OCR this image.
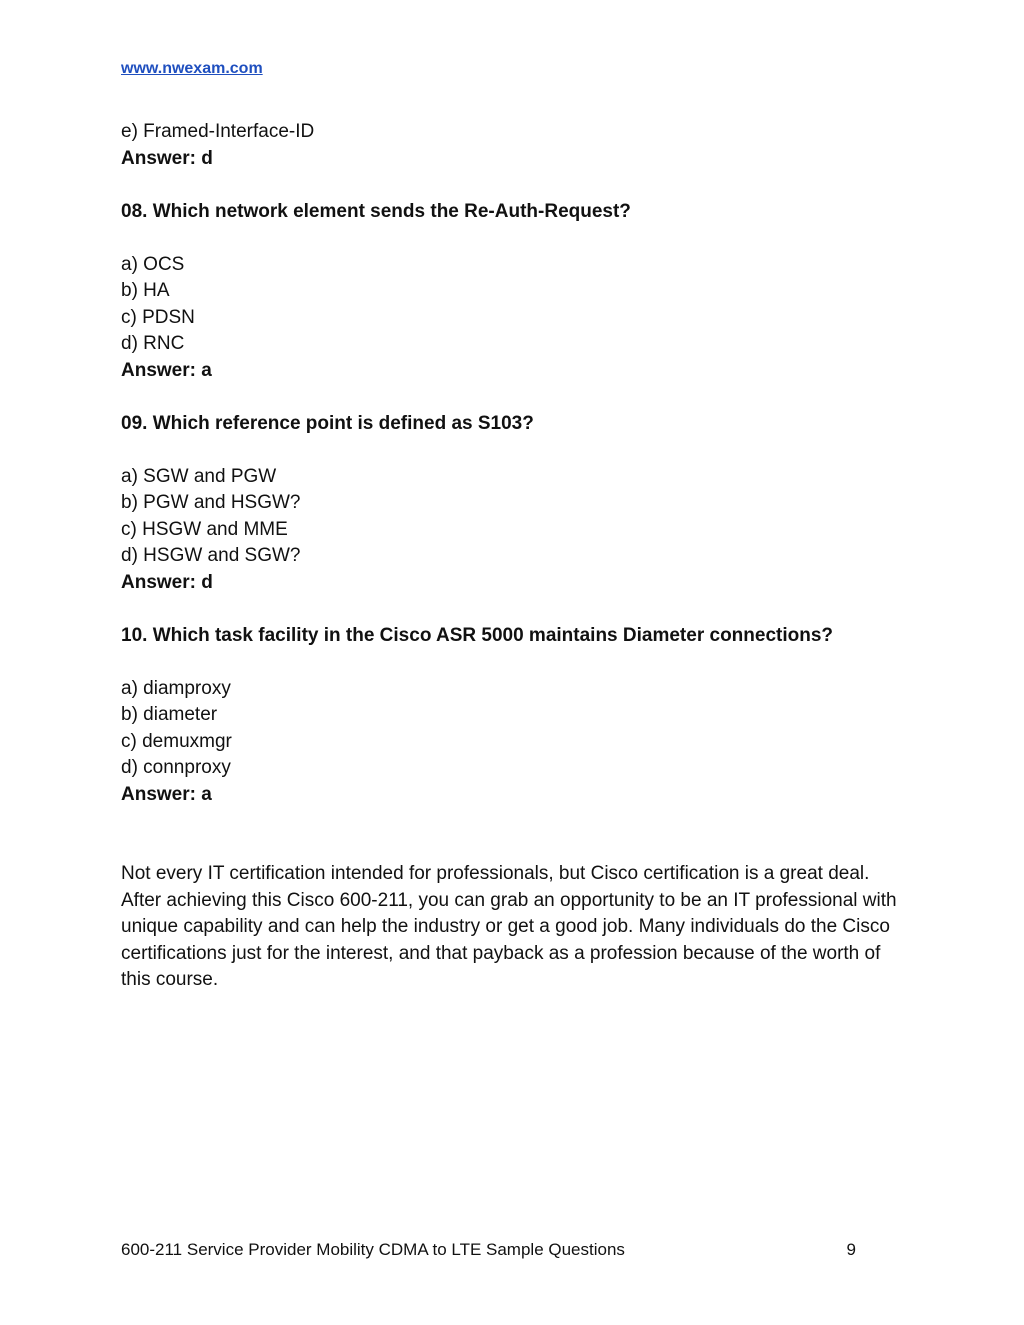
www.nwexam.com

e) Framed-Interface-ID

Answer: d

08. Which network element sends the Re-Auth-Request?

a) OCS

b) HA

c) PDSN

d) RNC

Answer: a

09. Which reference point is defined as S103?

a) SGW and PGW

b) PGW and HSGW?

c) HSGW and MME

d) HSGW and SGW?

Answer: d

10. Which task facility in the Cisco ASR 5000 maintains Diameter connections?

a) diamproxy

b) diameter

c) demuxmgr

d) connproxy

Answer: a

Not every IT certification intended for professionals, but Cisco certification is a great deal. After achieving this Cisco 600-211, you can grab an opportunity to be an IT professional with unique capability and can help the industry or get a good job. Many individuals do the Cisco certifications just for the interest, and that payback as a profession because of the worth of this course.

600-211 Service Provider Mobility CDMA to LTE Sample Questions	9
